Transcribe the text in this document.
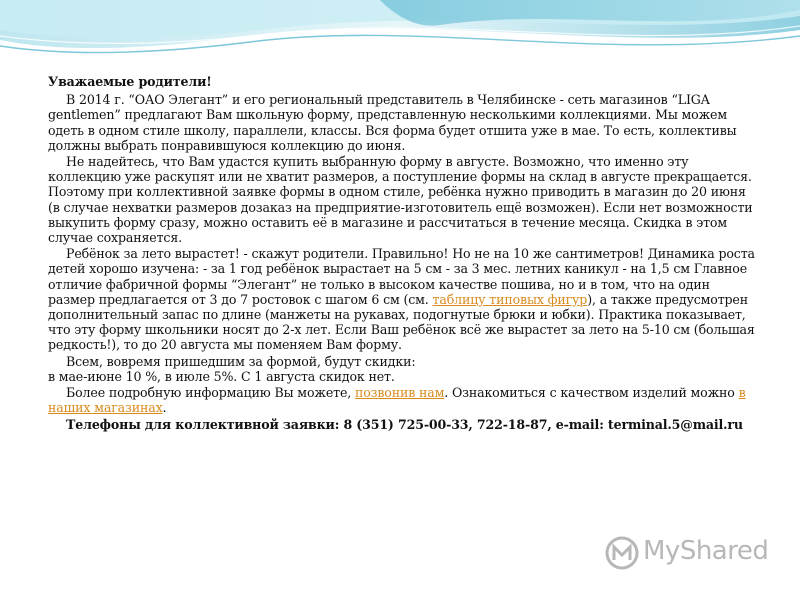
Уважаемые родители!

В 2014 г. “ОАО Элегант” и его региональный представитель в Челябинске - сеть магазинов “LIGA gentlemen” предлагают Вам школьную форму, представленную несколькими коллекциями. Мы можем одеть в одном стиле школу, параллели, классы. Вся форма будет отшита уже в мае. То есть, коллективы должны выбрать понравившуюся коллекцию до июня.

Не надейтесь, что Вам удастся купить выбранную форму в августе. Возможно, что именно эту коллекцию уже раскупят или не хватит размеров, а поступление формы на склад в августе прекращается. Поэтому при коллективной заявке формы в одном стиле, ребёнка нужно приводить в магазин до 20 июня (в случае нехватки размеров дозаказ на предприятие-изготовитель ещё возможен). Если нет возможности выкупить форму сразу, можно оставить её в магазине и рассчитаться в течение месяца. Скидка в этом случае сохраняется.

Ребёнок за лето вырастет! - скажут родители. Правильно! Но не на 10 же сантиметров! Динамика роста детей хорошо изучена: - за 1 год ребёнок вырастает на 5 см - за 3 мес. летних каникул - на 1,5 см Главное отличие фабричной формы “Элегант” не только в высоком качестве пошива, но и в том, что на один размер предлагается от 3 до 7 ростовок с шагом 6 см (см. таблицу типовых фигур), а также предусмотрен дополнительный запас по длине (манжеты на рукавах, подогнутые брюки и юбки). Практика показывает, что эту форму школьники носят до 2-х лет. Если Ваш ребёнок всё же вырастет за лето на 5-10 см (большая редкость!), то до 20 августа мы поменяем Вам форму.

Всем, вовремя пришедшим за формой, будут скидки:
в мае-июне 10 %, в июле 5%. С 1 августа скидок нет.

Более подробную информацию Вы можете, позвонив нам. Ознакомиться с качеством изделий можно в наших магазинах.

Телефоны для коллективной заявки: 8 (351) 725-00-33, 722-18-87, e-mail: terminal.5@mail.ru

MyShared
